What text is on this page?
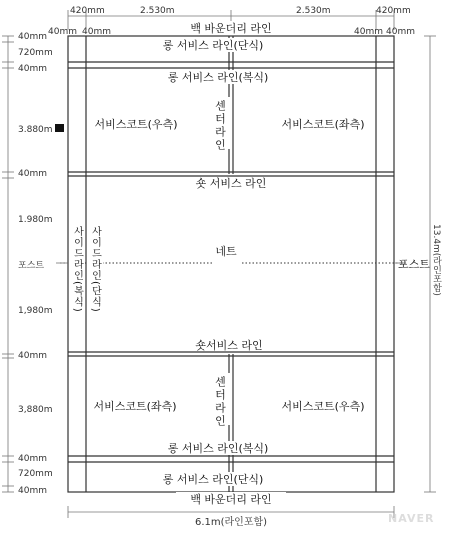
420mm	2.530m	2.530m	420mm
40mm 40mm	40mm 40mm
40mm
720mm
40mm
3.880m
40mm
1.980m
포스트
1,980m
40mm
3,880m
40mm
720mm
40mm
백 바운더리 라인
롱 서비스 라인(단식)
롱 서비스 라인(복식)
서비스코트(우측)	서비스코트(좌측)
센터라인
숏 서비스 라인
네트
포스트
사이드라인(복식) 사이드라인(단식)
숏서비스 라인
서비스코트(좌측)	서비스코트(우측)
센터라인
롱 서비스 라인(복식)
롱 서비스 라인(단식)
백 바운더리 라인
13.4m(라인포함)
6.1m(라인포함)	NAVER
